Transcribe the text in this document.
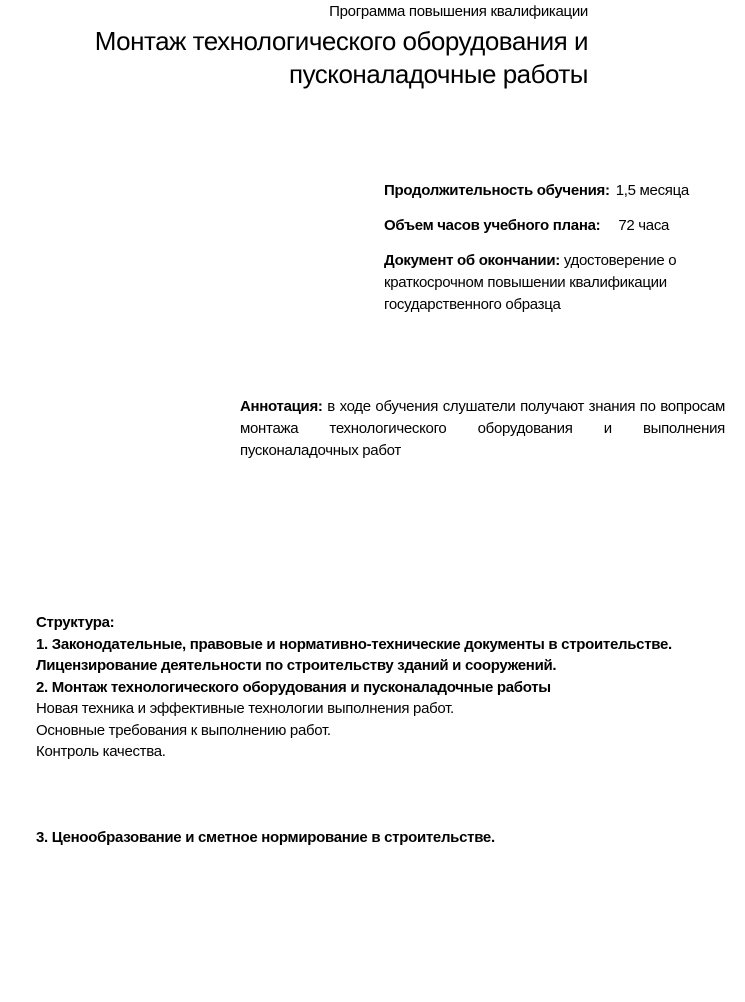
Программа повышения квалификации
Монтаж технологического оборудования и
пусконаладочные работы
Продолжительность обучения: 1,5 месяца
Объем часов учебного плана: 72 часа
Документ об окончании: удостоверение о краткосрочном повышении квалификации государственного образца
Аннотация: в ходе обучения слушатели получают знания по вопросам монтажа технологического оборудования и выполнения пусконаладочных работ
Структура:
1. Законодательные, правовые и нормативно-технические документы в строительстве.
Лицензирование деятельности по строительству зданий и сооружений.
2. Монтаж технологического оборудования и пусконаладочные работы
Новая техника и эффективные технологии выполнения работ.
Основные требования к выполнению работ.
Контроль качества.
3. Ценообразование и сметное нормирование в строительстве.
